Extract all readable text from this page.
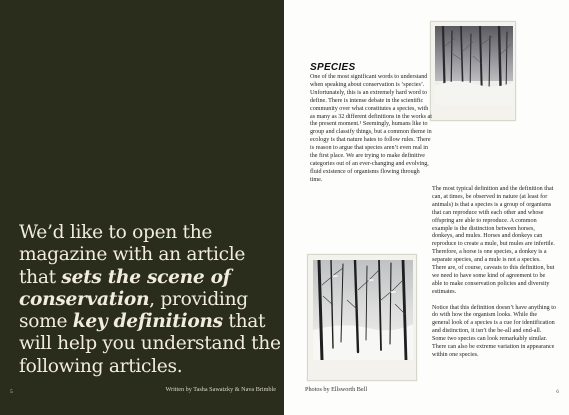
We’d like to open the magazine with an article that sets the scene of conservation, providing some key definitions that will help you understand the following articles.
5	Written by Tasha Sawatzky & Nava Brimble
SPECIES
One of the most significant words to understand when speaking about conservation is ‘species’. Unfortunately, this is an extremely hard word to define. There is intense debate in the scientific community over what constitutes a species, with as many as 32 different definitions in the works at the present moment.¹ Seemingly, humans like to group and classify things, but a common theme in ecology is that nature hates to follow rules. There is reason to argue that species aren’t even real in the first place. We are trying to make definitive categories out of an ever-changing and evolving, fluid existence of organisms flowing through time.

The most typical definition and the definition that can, at times, be observed in nature (at least for animals) is that a species is a group of organisms that can reproduce with each other and whose offspring are able to reproduce. A common example is the distinction between horses, donkeys, and mules. Horses and donkeys can reproduce to create a mule, but mules are infertile. Therefore, a horse is one species, a donkey is a separate species, and a mule is not a species. There are, of course, caveats to this definition, but we need to have some kind of agreement to be able to make conservation policies and diversity estimates.

Notice that this definition doesn’t have anything to do with how the organism looks. While the general look of a species is a cue for identification and distinction, it isn’t the be-all and end-all. Some two species can look remarkably similar. There can also be extreme variation in appearance within one species.

Photos by Ellsworth Bell	6
